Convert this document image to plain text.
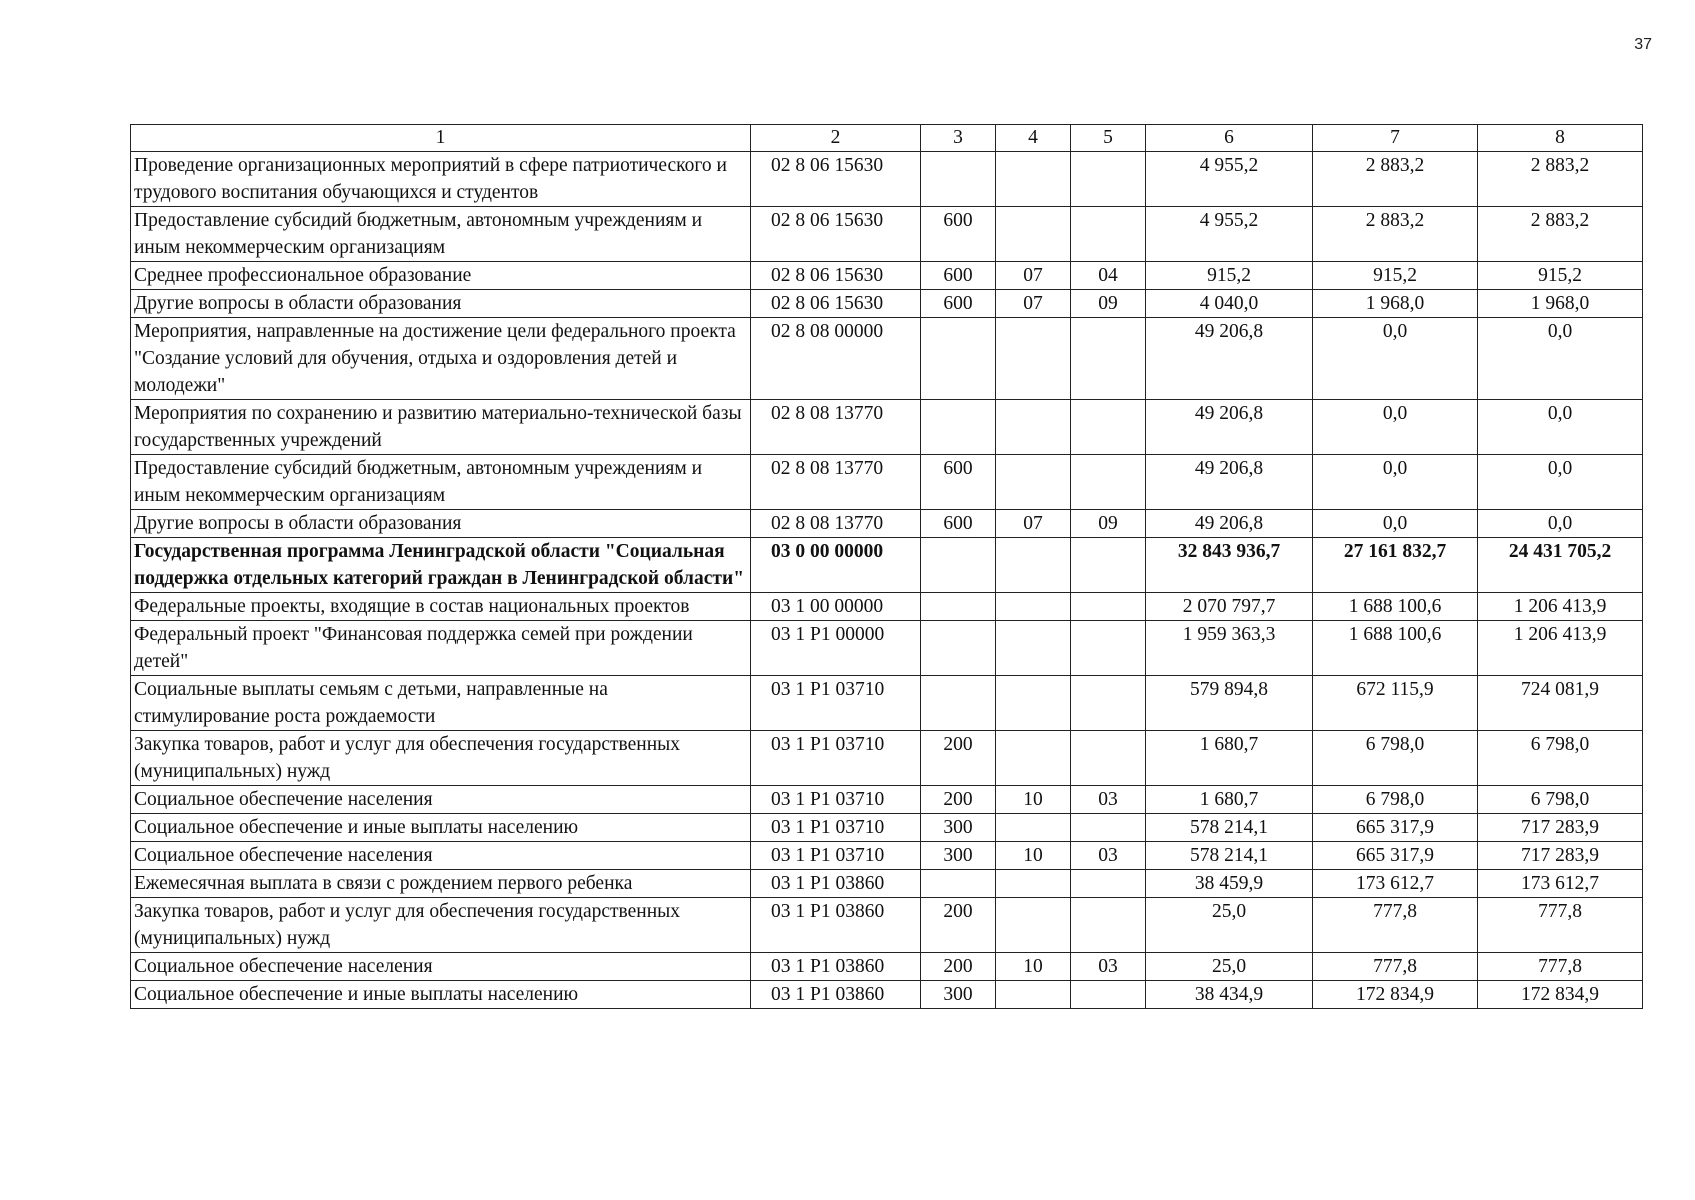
37
1	2	3	4	5	6	7	8
Проведение организационных мероприятий в сфере патриотического и трудового воспитания обучающихся и студентов	02 8 06 15630				4 955,2	2 883,2	2 883,2
Предоставление субсидий бюджетным, автономным учреждениям и иным некоммерческим организациям	02 8 06 15630	600			4 955,2	2 883,2	2 883,2
Среднее профессиональное образование	02 8 06 15630	600	07	04	915,2	915,2	915,2
Другие вопросы в области образования	02 8 06 15630	600	07	09	4 040,0	1 968,0	1 968,0
Мероприятия, направленные на достижение цели федерального проекта "Создание условий для обучения, отдыха и оздоровления детей и молодежи"	02 8 08 00000				49 206,8	0,0	0,0
Мероприятия по сохранению и развитию материально-технической базы государственных учреждений	02 8 08 13770				49 206,8	0,0	0,0
Предоставление субсидий бюджетным, автономным учреждениям и иным некоммерческим организациям	02 8 08 13770	600			49 206,8	0,0	0,0
Другие вопросы в области образования	02 8 08 13770	600	07	09	49 206,8	0,0	0,0
Государственная программа Ленинградской области "Социальная поддержка отдельных категорий граждан в Ленинградской области"	03 0 00 00000				32 843 936,7	27 161 832,7	24 431 705,2
Федеральные проекты, входящие в состав национальных проектов	03 1 00 00000				2 070 797,7	1 688 100,6	1 206 413,9
Федеральный проект "Финансовая поддержка семей при рождении детей"	03 1 P1 00000				1 959 363,3	1 688 100,6	1 206 413,9
Социальные выплаты семьям с детьми, направленные на стимулирование роста рождаемости	03 1 P1 03710				579 894,8	672 115,9	724 081,9
Закупка товаров, работ и услуг для обеспечения государственных (муниципальных) нужд	03 1 P1 03710	200			1 680,7	6 798,0	6 798,0
Социальное обеспечение населения	03 1 P1 03710	200	10	03	1 680,7	6 798,0	6 798,0
Социальное обеспечение и иные выплаты населению	03 1 P1 03710	300			578 214,1	665 317,9	717 283,9
Социальное обеспечение населения	03 1 P1 03710	300	10	03	578 214,1	665 317,9	717 283,9
Ежемесячная выплата в связи с рождением первого ребенка	03 1 P1 03860				38 459,9	173 612,7	173 612,7
Закупка товаров, работ и услуг для обеспечения государственных (муниципальных) нужд	03 1 P1 03860	200			25,0	777,8	777,8
Социальное обеспечение населения	03 1 P1 03860	200	10	03	25,0	777,8	777,8
Социальное обеспечение и иные выплаты населению	03 1 P1 03860	300			38 434,9	172 834,9	172 834,9
